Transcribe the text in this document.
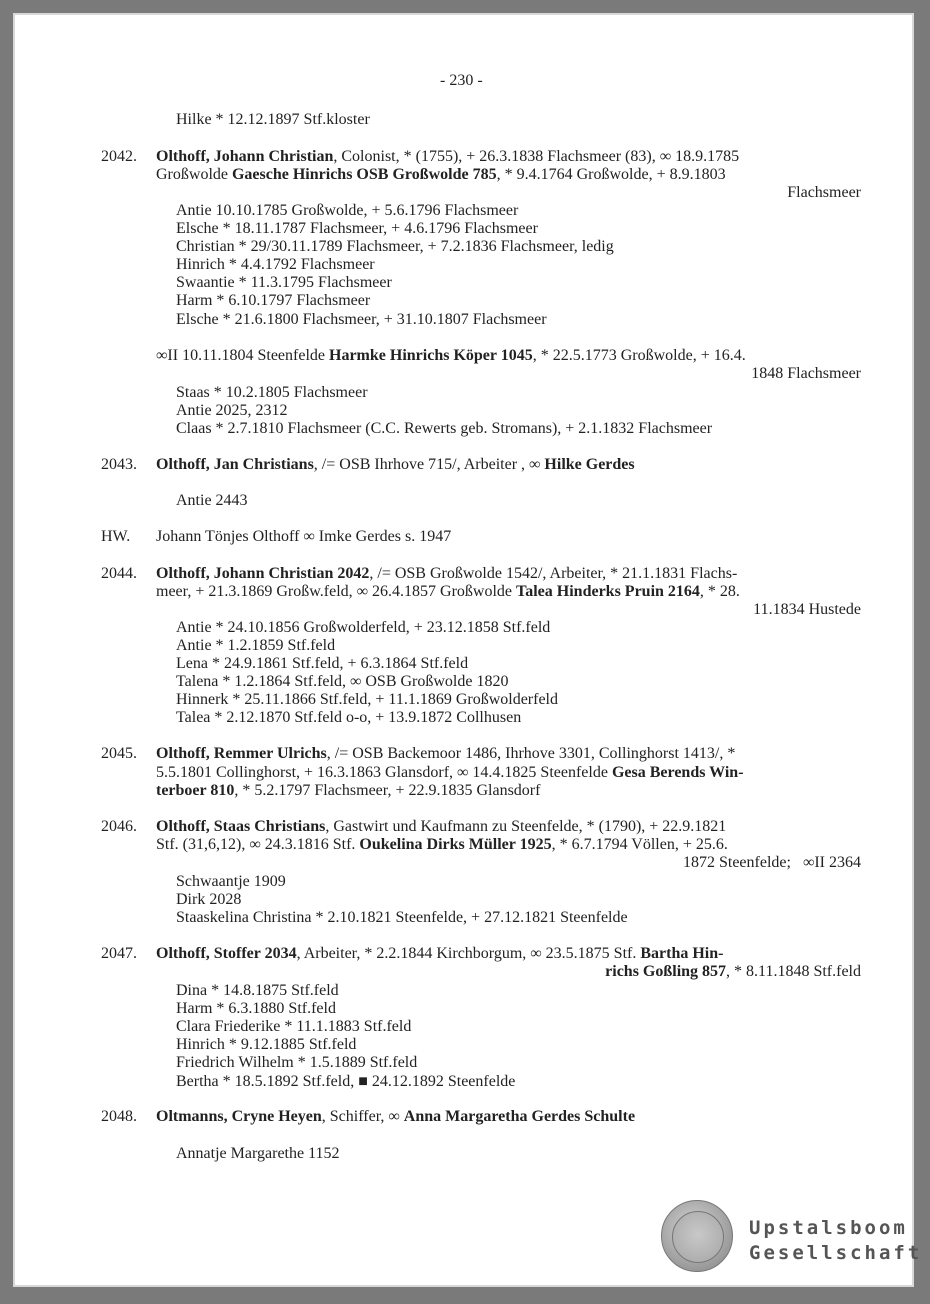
- 230 -
Hilke * 12.12.1897 Stf.kloster
2042. Olthoff, Johann Christian, Colonist, * (1755), + 26.3.1838 Flachsmeer (83), ∞ 18.9.1785
Großwolde Gaesche Hinrichs OSB Großwolde 785, * 9.4.1764 Großwolde, + 8.9.1803
Flachsmeer
Antie 10.10.1785 Großwolde, + 5.6.1796 Flachsmeer
Elsche * 18.11.1787 Flachsmeer, + 4.6.1796 Flachsmeer
Christian * 29/30.11.1789 Flachsmeer, + 7.2.1836 Flachsmeer, ledig
Hinrich * 4.4.1792 Flachsmeer
Swaantie * 11.3.1795 Flachsmeer
Harm * 6.10.1797 Flachsmeer
Elsche * 21.6.1800 Flachsmeer, + 31.10.1807 Flachsmeer
∞II 10.11.1804 Steenfelde Harmke Hinrichs Köper 1045, * 22.5.1773 Großwolde, + 16.4.
1848 Flachsmeer
Staas * 10.2.1805 Flachsmeer
Antie 2025, 2312
Claas * 2.7.1810 Flachsmeer (C.C. Rewerts geb. Stromans), + 2.1.1832 Flachsmeer
2043. Olthoff, Jan Christians, /= OSB Ihrhove 715/, Arbeiter , ∞ Hilke Gerdes
Antie 2443
HW. Johann Tönjes Olthoff ∞ Imke Gerdes s. 1947
2044. Olthoff, Johann Christian 2042, /= OSB Großwolde 1542/, Arbeiter, * 21.1.1831 Flachs-
meer, + 21.3.1869 Großw.feld, ∞ 26.4.1857 Großwolde Talea Hinderks Pruin 2164, * 28.
11.1834 Hustede
Antie * 24.10.1856 Großwolderfeld, + 23.12.1858 Stf.feld
Antie * 1.2.1859 Stf.feld
Lena * 24.9.1861 Stf.feld, + 6.3.1864 Stf.feld
Talena * 1.2.1864 Stf.feld, ∞ OSB Großwolde 1820
Hinnerk * 25.11.1866 Stf.feld, + 11.1.1869 Großwolderfeld
Talea * 2.12.1870 Stf.feld o-o, + 13.9.1872 Collhusen
2045. Olthoff, Remmer Ulrichs, /= OSB Backemoor 1486, Ihrhove 3301, Collinghorst 1413/, *
5.5.1801 Collinghorst, + 16.3.1863 Glansdorf, ∞ 14.4.1825 Steenfelde Gesa Berends Win-
terboer 810, * 5.2.1797 Flachsmeer, + 22.9.1835 Glansdorf
2046. Olthoff, Staas Christians, Gastwirt und Kaufmann zu Steenfelde, * (1790), + 22.9.1821
Stf. (31,6,12), ∞ 24.3.1816 Stf. Oukelina Dirks Müller 1925, * 6.7.1794 Völlen, + 25.6.
1872 Steenfelde;   ∞II 2364
Schwaantje 1909
Dirk 2028
Staaskelina Christina * 2.10.1821 Steenfelde, + 27.12.1821 Steenfelde
2047. Olthoff, Stoffer 2034, Arbeiter, * 2.2.1844 Kirchborgum, ∞ 23.5.1875 Stf. Bartha Hin-
richs Goßling 857, * 8.11.1848 Stf.feld
Dina * 14.8.1875 Stf.feld
Harm * 6.3.1880 Stf.feld
Clara Friederike * 11.1.1883 Stf.feld
Hinrich * 9.12.1885 Stf.feld
Friedrich Wilhelm * 1.5.1889 Stf.feld
Bertha * 18.5.1892 Stf.feld, ■ 24.12.1892 Steenfelde
2048. Oltmanns, Cryne Heyen, Schiffer, ∞ Anna Margaretha Gerdes Schulte
Annatje Margarethe 1152
Upstalsboom
Gesellschaft
